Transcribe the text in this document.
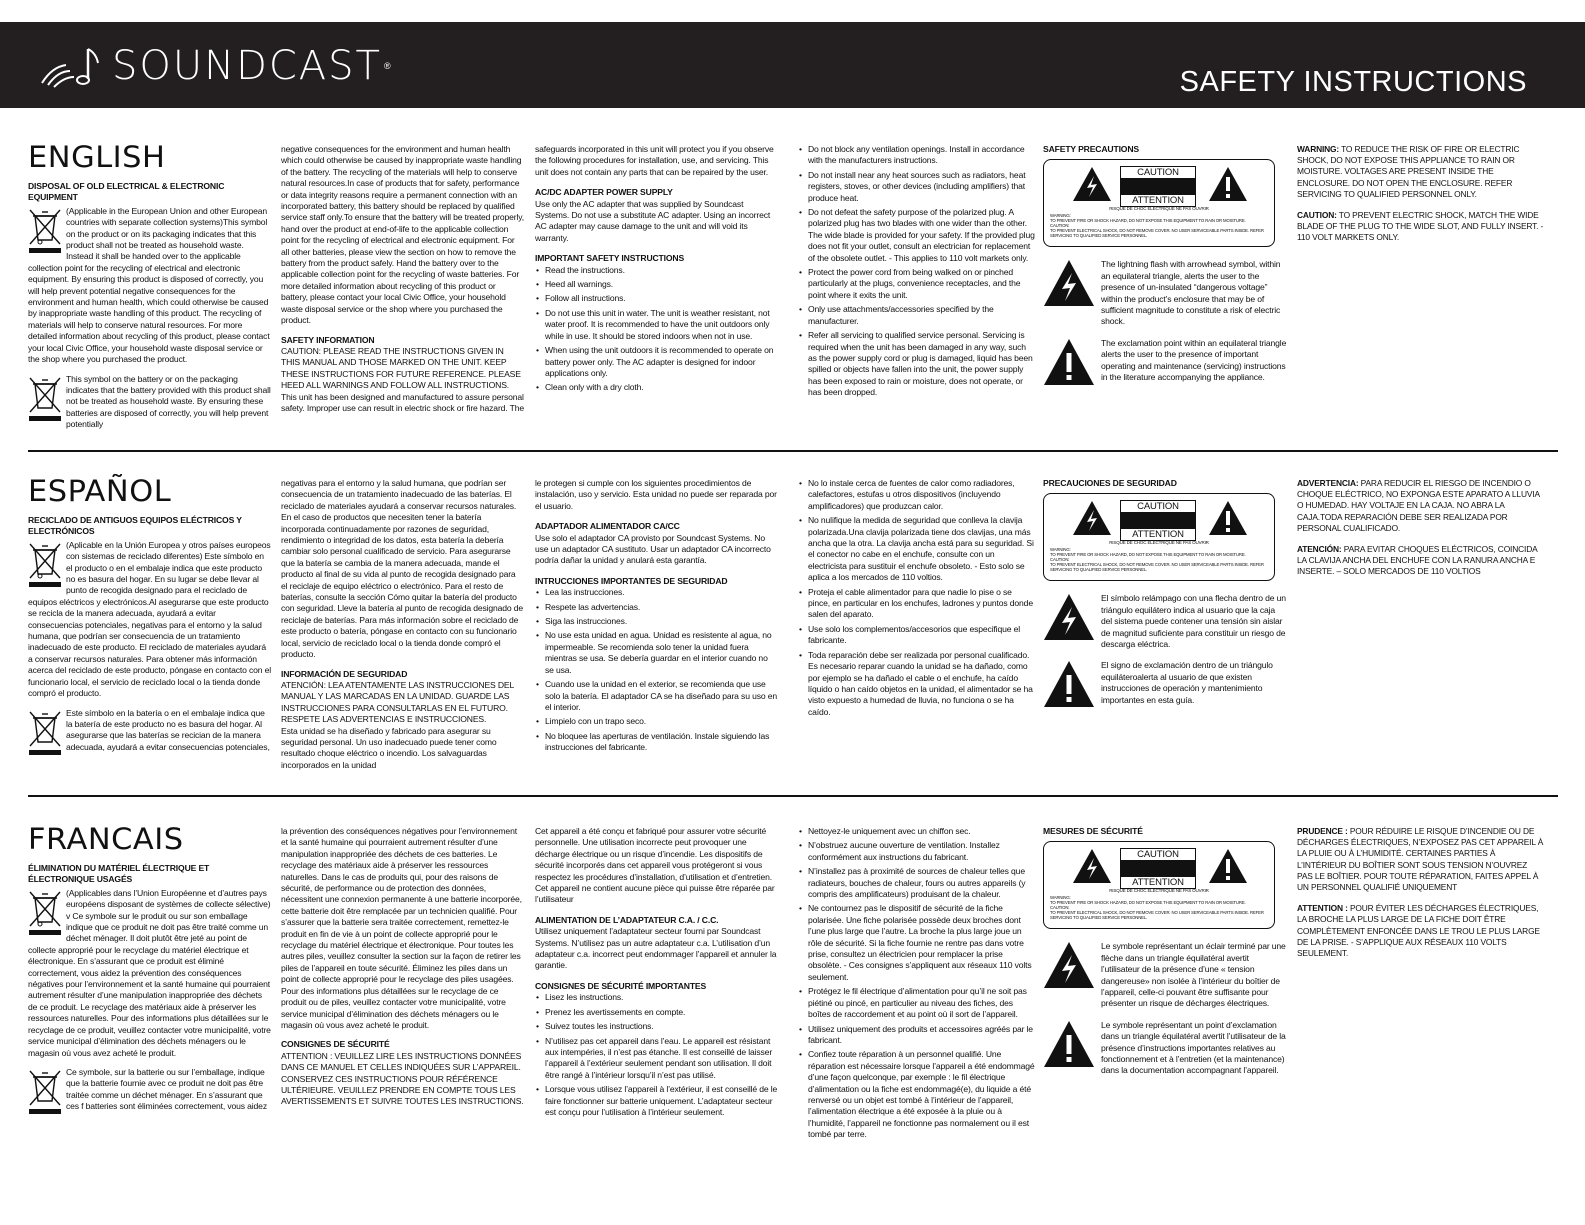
SOUNDCAST ®	SAFETY INSTRUCTIONS
ENGLISH
DISPOSAL OF OLD ELECTRICAL & ELECTRONIC EQUIPMENT

(Applicable in the European Union and other European countries with separate collection systems)This symbol on the product or on its packaging indicates that this product shall not be treated as household waste. Instead it shall be handed over to the applicable collection point for the recycling of electrical and electronic equipment. By ensuring this product is disposed of correctly, you will help prevent potential negative consequences for the environment and human health, which could otherwise be caused by inappropriate waste handling of this product. The recycling of materials will help to conserve natural resources. For more detailed information about recycling of this product, please contact your local Civic Office, your household waste disposal service or the shop where you purchased the product.

This symbol on the battery or on the packaging indicates that the battery provided with this product shall not be treated as household waste. By ensuring these batteries are disposed of correctly, you will help prevent potentially

negative consequences for the environment and human health which could otherwise be caused by inappropriate waste handling of the battery. The recycling of the materials will help to conserve natural resources.In case of products that for safety, performance or data integrity reasons require a permanent connection with an incorporated battery, this battery should be replaced by qualified service staff only.To ensure that the battery will be treated properly, hand over the product at end-of-life to the applicable collection point for the recycling of electrical and electronic equipment. For all other batteries, please view the section on how to remove the battery from the product safely. Hand the battery over to the applicable collection point for the recycling of waste batteries. For more detailed information about recycling of this product or battery, please contact your local Civic Office, your household waste disposal service or the shop where you purchased the product.

SAFETY INFORMATION

CAUTION: PLEASE READ THE INSTRUCTIONS GIVEN IN THIS MANUAL AND THOSE MARKED ON THE UNIT. KEEP THESE INSTRUCTIONS FOR FUTURE REFERENCE. PLEASE HEED ALL WARNINGS AND FOLLOW ALL INSTRUCTIONS.

This unit has been designed and manufactured to assure personal safety. Improper use can result in electric shock or fire hazard. The

safeguards incorporated in this unit will protect you if you observe the following procedures for installation, use, and servicing. This unit does not contain any parts that can be repaired by the user.

AC/DC ADAPTER POWER SUPPLY

Use only the AC adapter that was supplied by Soundcast Systems. Do not use a substitute AC adapter. Using an incorrect AC adapter may cause damage to the unit and will void its warranty.

IMPORTANT SAFETY INSTRUCTIONS
• Read the instructions.
• Heed all warnings.
• Follow all instructions.
• Do not use this unit in water. The unit is weather resistant, not water proof. It is recommended to have the unit outdoors only while in use. It should be stored indoors when not in use.
• When using the unit outdoors it is recommended to operate on battery power only. The AC adapter is designed for indoor applications only.
• Clean only with a dry cloth.
• Do not block any ventilation openings. Install in accordance with the manufacturers instructions.
• Do not install near any heat sources such as radiators, heat registers, stoves, or other devices (including amplifiers) that produce heat.
• Do not defeat the safety purpose of the polarized plug. A polarized plug has two blades with one wider than the other. The wide blade is provided for your safety. If the provided plug does not fit your outlet, consult an electrician for replacement of the obsolete outlet. - This applies to 110 volt markets only.
• Protect the power cord from being walked on or pinched particularly at the plugs, convenience receptacles, and the point where it exits the unit.
• Only use attachments/accessories specified by the manufacturer.
• Refer all servicing to qualified service personal. Servicing is required when the unit has been damaged in any way, such as the power supply cord or plug is damaged, liquid has been spilled or objects have fallen into the unit, the power supply has been exposed to rain or moisture, does not operate, or has been dropped.
SAFETY PRECAUTIONS
CAUTION
ATTENTION
RISQUE DE CHOC ELECTRIQUE NE PAS OUVRIR
WARNING:
TO PREVENT FIRE OR SHOCK HAZARD, DO NOT EXPOSE THIS EQUIPMENT TO RAIN OR MOISTURE.
CAUTION:
TO PREVENT ELECTRICAL SHOCK, DO NOT REMOVE COVER. NO USER SERVICEABLE PARTS INSIDE. REFER SERVICING TO QUALIFIED SERVICE PERSONNEL.

The lightning flash with arrowhead symbol, within an equilateral triangle, alerts the user to the presence of un-insulated “dangerous voltage” within the product’s enclosure that may be of sufficient magnitude to constitute a risk of electric shock.

The exclamation point within an equilateral triangle alerts the user to the presence of important operating and maintenance (servicing) instructions in the literature accompanying the appliance.

WARNING: TO REDUCE THE RISK OF FIRE OR ELECTRIC SHOCK, DO NOT EXPOSE THIS APPLIANCE TO RAIN OR MOISTURE. VOLTAGES ARE PRESENT INSIDE THE ENCLOSURE. DO NOT OPEN THE ENCLOSURE. REFER SERVICING TO QUALIFIED PERSONNEL ONLY.

CAUTION: TO PREVENT ELECTRIC SHOCK, MATCH THE WIDE BLADE OF THE PLUG TO THE WIDE SLOT, AND FULLY INSERT. - 110 VOLT MARKETS ONLY.

ESPAÑOL
RECICLADO DE ANTIGUOS EQUIPOS ELÉCTRICOS Y ELECTRÓNICOS

(Aplicable en la Unión Europea y otros países europeos con sistemas de reciclado diferentes) Este símbolo en el producto o en el embalaje indica que este producto no es basura del hogar. En su lugar se debe llevar al punto de recogida designado para el reciclado de equipos eléctricos y electrónicos.Al asegurarse que este producto se recicla de la manera adecuada, ayudará a evitar consecuencias potenciales, negativas para el entorno y la salud humana, que podrían ser consecuencia de un tratamiento inadecuado de este producto. El reciclado de materiales ayudará a conservar recursos naturales. Para obtener más información acerca del reciclado de este producto, póngase en contacto con el funcionario local, el servicio de reciclado local o la tienda donde compró el producto.

Este símbolo en la batería o en el embalaje indica que la batería de este producto no es basura del hogar. Al asegurarse que las baterías se recician de la manera adecuada, ayudará a evitar consecuencias potenciales,

negativas para el entorno y la salud humana, que podrían ser consecuencia de un tratamiento inadecuado de las baterías. El reciclado de materiales ayudará a conservar recursos naturales. En el caso de productos que necesiten tener la batería incorporada continuadamente por razones de seguridad, rendimiento o integridad de los datos, esta batería la debería cambiar solo personal cualificado de servicio. Para asegurarse que la batería se cambia de la manera adecuada, mande el producto al final de su vida al punto de recogida designado para el reciclaje de equipo eléctrico o electrónico. Para el resto de baterías, consulte la sección Cómo quitar la batería del producto con seguridad. Lleve la batería al punto de recogida designado de reciclaje de baterías. Para más información sobre el reciclado de este producto o batería, póngase en contacto con su funcionario local, servicio de reciclado local o la tienda donde compró el producto.

INFORMACIÓN DE SEGURIDAD

ATENCIÓN: LEA ATENTAMENTE LAS INSTRUCCIONES DEL MANUAL Y LAS MARCADAS EN LA UNIDAD. GUARDE LAS INSTRUCCIONES PARA CONSULTARLAS EN EL FUTURO. RESPETE LAS ADVERTENCIAS E INSTRUCCIONES.

Esta unidad se ha diseñado y fabricado para asegurar su seguridad personal. Un uso inadecuado puede tener como resultado choque eléctrico o incendio. Los salvaguardas incorporados en la unidad

le protegen si cumple con los siguientes procedimientos de instalación, uso y servicio. Esta unidad no puede ser reparada por el usuario.

ADAPTADOR ALIMENTADOR CA/CC

Use solo el adaptador CA provisto por Soundcast Systems. No use un adaptador CA sustituto. Usar un adaptador CA incorrecto podría dañar la unidad y anulará esta garantía.

INTRUCCIONES IMPORTANTES DE SEGURIDAD
• Lea las instrucciones.
• Respete las advertencias.
• Siga las instrucciones.
• No use esta unidad en agua. Unidad es resistente al agua, no impermeable. Se recomienda solo tener la unidad fuera mientras se usa. Se debería guardar en el interior cuando no se usa.
• Cuando use la unidad en el exterior, se recomienda que use solo la batería. El adaptador CA se ha diseñado para su uso en el interior.
• Limpielo con un trapo seco.
• No bloquee las aperturas de ventilación. Instale siguiendo las instrucciones del fabricante.
• No lo instale cerca de fuentes de calor como radiadores, calefactores, estufas u otros dispositivos (incluyendo amplificadores) que produzcan calor.
• No nulifique la medida de seguridad que conlleva la clavija polarizada.Una clavija polarizada tiene dos clavijas, una más ancha que la otra. La clavija ancha está para su seguridad. Si el conector no cabe en el enchufe, consulte con un electricista para sustituir el enchufe obsoleto. - Esto solo se aplica a los mercados de 110 voltios.
• Proteja el cable alimentador para que nadie lo pise o se pince, en particular en los enchufes, ladrones y puntos donde salen del aparato.
• Use solo los complementos/accesorios que especifique el fabricante.
• Toda reparación debe ser realizada por personal cualificado. Es necesario reparar cuando la unidad se ha dañado, como por ejemplo se ha dañado el cable o el enchufe, ha caído líquido o han caído objetos en la unidad, el alimentador se ha visto expuesto a humedad de lluvia, no funciona o se ha caído.
PRECAUCIONES DE SEGURIDAD
CAUTION
ATTENTION
RISQUE DE CHOC ELECTRIQUE NE PAS OUVRIR
WARNING:
TO PREVENT FIRE OR SHOCK HAZARD, DO NOT EXPOSE THIS EQUIPMENT TO RAIN OR MOISTURE.
CAUTION:
TO PREVENT ELECTRICAL SHOCK, DO NOT REMOVE COVER. NO USER SERVICEABLE PARTS INSIDE. REFER SERVICING TO QUALIFIED SERVICE PERSONNEL.

El símbolo relámpago con una flecha dentro de un triángulo equilátero indica al usuario que la caja del sistema puede contener una tensión sin aislar de magnitud suficiente para constituir un riesgo de descarga eléctrica.

El signo de exclamación dentro de un triángulo equiláteroalerta al usuario de que existen instrucciones de operación y mantenimiento importantes en esta guía.

ADVERTENCIA: PARA REDUCIR EL RIESGO DE INCENDIO O CHOQUE ELÉCTRICO, NO EXPONGA ESTE APARATO A LLUVIA O HUMEDAD. HAY VOLTAJE EN LA CAJA. NO ABRA LA CAJA.TODA REPARACIÓN DEBE SER REALIZADA POR PERSONAL CUALIFICADO.

ATENCIÓN: PARA EVITAR CHOQUES ELÉCTRICOS, COINCIDA LA CLAVIJA ANCHA DEL ENCHUFE CON LA RANURA ANCHA E INSERTE. – SOLO MERCADOS DE 110 VOLTIOS

FRANCAIS
ÉLIMINATION DU MATÉRIEL ÉLECTRIQUE ET ÉLECTRONIQUE USAGÉS

(Applicables dans l’Union Européenne et d’autres pays européens disposant de systèmes de collecte sélective) v Ce symbole sur le produit ou sur son emballage indique que ce produit ne doit pas être traité comme un déchet ménager. Il doit plutôt être jeté au point de collecte approprié pour le recyclage du matériel électrique et électronique. En s’assurant que ce produit est éliminé correctement, vous aidez la prévention des conséquences négatives pour l’environnement et la santé humaine qui pourraient autrement résulter d’une manipulation inappropriée des déchets de ce produit. Le recyclage des matériaux aide à préserver les ressources naturelles. Pour des informations plus détaillées sur le recyclage de ce produit, veuillez contacter votre municipalité, votre service municipal d’élimination des déchets ménagers ou le magasin où vous avez acheté le produit.

Ce symbole, sur la batterie ou sur l’emballage, indique que la batterie fournie avec ce produit ne doit pas être traitée comme un déchet ménager. En s’assurant que ces f batteries sont éliminées correctement, vous aidez

la prévention des conséquences négatives pour l’environnement et la santé humaine qui pourraient autrement résulter d’une manipulation inappropriée des déchets de ces batteries. Le recyclage des matériaux aide à préserver les ressources naturelles. Dans le cas de produits qui, pour des raisons de sécurité, de performance ou de protection des données, nécessitent une connexion permanente à une batterie incorporée, cette batterie doit être remplacée par un technicien qualifié. Pour s’assurer que la batterie sera traitée correctement, remettez-le produit en fin de vie à un point de collecte approprié pour le recyclage du matériel électrique et électronique. Pour toutes les autres piles, veuillez consulter la section sur la façon de retirer les piles de l’appareil en toute sécurité. Éliminez les piles dans un point de collecte approprié pour le recyclage des piles usagées. Pour des informations plus détaillées sur le recyclage de ce produit ou de piles, veuillez contacter votre municipalité, votre service municipal d’élimination des déchets ménagers ou le magasin où vous avez acheté le produit.

CONSIGNES DE SÉCURITÉ

ATTENTION : VEUILLEZ LIRE LES INSTRUCTIONS DONNÉES DANS CE MANUEL ET CELLES INDIQUÉES SUR L’APPAREIL. CONSERVEZ CES INSTRUCTIONS POUR RÉFÉRENCE ULTÉRIEURE. VEUILLEZ PRENDRE EN COMPTE TOUS LES AVERTISSEMENTS ET SUIVRE TOUTES LES INSTRUCTIONS.

Cet appareil a été conçu et fabriqué pour assurer votre sécurité personnelle. Une utilisation incorrecte peut provoquer une décharge électrique ou un risque d’incendie. Les dispositifs de sécurité incorporés dans cet appareil vous protégeront si vous respectez les procédures d’installation, d’utilisation et d’entretien. Cet appareil ne contient aucune pièce qui puisse être réparée par l’utilisateur

ALIMENTATION DE L’ADAPTATEUR C.A. / C.C.

Utilisez uniquement l’adaptateur secteur fourni par Soundcast Systems. N’utilisez pas un autre adaptateur c.a. L’utilisation d’un adaptateur c.a. incorrect peut endommager l’appareil et annuler la garantie.

CONSIGNES DE SÉCURITÉ IMPORTANTES
• Lisez les instructions.
• Prenez les avertissements en compte.
• Suivez toutes les instructions.
• N’utilisez pas cet appareil dans l’eau. Le appareil est résistant aux intempéries, il n’est pas étanche. Il est conseillé de laisser l’appareil à l’extérieur seulement pendant son utilisation. Il doit être rangé à l’intérieur lorsqu’il n’est pas utilisé.
• Lorsque vous utilisez l’appareil à l’extérieur, il est conseillé de le faire fonctionner sur batterie uniquement. L’adaptateur secteur est conçu pour l’utilisation à l’intérieur seulement.
• Nettoyez-le uniquement avec un chiffon sec.
• N’obstruez aucune ouverture de ventilation. Installez conformément aux instructions du fabricant.
• N’installez pas à proximité de sources de chaleur telles que radiateurs, bouches de chaleur, fours ou autres appareils (y compris des amplificateurs) produisant de la chaleur.
• Ne contournez pas le dispositif de sécurité de la fiche polarisée. Une fiche polarisée possède deux broches dont l’une plus large que l’autre. La broche la plus large joue un rôle de sécurité. Si la fiche fournie ne rentre pas dans votre prise, consultez un électricien pour remplacer la prise obsolète. - Ces consignes s’appliquent aux réseaux 110 volts seulement.
• Protégez le fil électrique d’alimentation pour qu’il ne soit pas piétiné ou pincé, en particulier au niveau des fiches, des boîtes de raccordement et au point où il sort de l’appareil.
• Utilisez uniquement des produits et accessoires agréés par le fabricant.
• Confiez toute réparation à un personnel qualifié. Une réparation est nécessaire lorsque l’appareil a été endommagé d’une façon quelconque, par exemple : le fil électrique d’alimentation ou la fiche est endommagé(e), du liquide a été renversé ou un objet est tombé à l’intérieur de l’appareil, l’alimentation électrique a été exposée à la pluie ou à l’humidité, l’appareil ne fonctionne pas normalement ou il est tombé par terre.
MESURES DE SÉCURITÉ
CAUTION
ATTENTION
RISQUE DE CHOC ELECTRIQUE NE PAS OUVRIR
WARNING:
TO PREVENT FIRE OR SHOCK HAZARD, DO NOT EXPOSE THIS EQUIPMENT TO RAIN OR MOISTURE.
CAUTION:
TO PREVENT ELECTRICAL SHOCK, DO NOT REMOVE COVER. NO USER SERVICEABLE PARTS INSIDE. REFER SERVICING TO QUALIFIED SERVICE PERSONNEL.

Le symbole représentant un éclair terminé par une flèche dans un triangle équilatéral avertit l’utilisateur de la présence d’une « tension dangereuse» non isolée à l’intérieur du boîtier de l’appareil, celle-ci pouvant être suffisante pour présenter un risque de décharges électriques.

Le symbole représentant un point d’exclamation dans un triangle équilatéral avertit l’utilisateur de la présence d’instructions importantes relatives au fonctionnement et à l’entretien (et la maintenance) dans la documentation accompagnant l’appareil.

PRUDENCE : POUR RÉDUIRE LE RISQUE D’INCENDIE OU DE DÉCHARGES ÉLECTRIQUES, N’EXPOSEZ PAS CET APPAREIL À LA PLUIE OU À L’HUMIDITÉ. CERTAINES PARTIES À L’INTÉRIEUR DU BOÎTIER SONT SOUS TENSION N’OUVREZ PAS LE BOÎTIER. POUR TOUTE RÉPARATION, FAITES APPEL À UN PERSONNEL QUALIFIÉ UNIQUEMENT

ATTENTION : POUR ÉVITER LES DÉCHARGES ÉLECTRIQUES, LA BROCHE LA PLUS LARGE DE LA FICHE DOIT ÊTRE COMPLÈTEMENT ENFONCÉE DANS LE TROU LE PLUS LARGE DE LA PRISE. - S’APPLIQUE AUX RÉSEAUX 110 VOLTS SEULEMENT.
